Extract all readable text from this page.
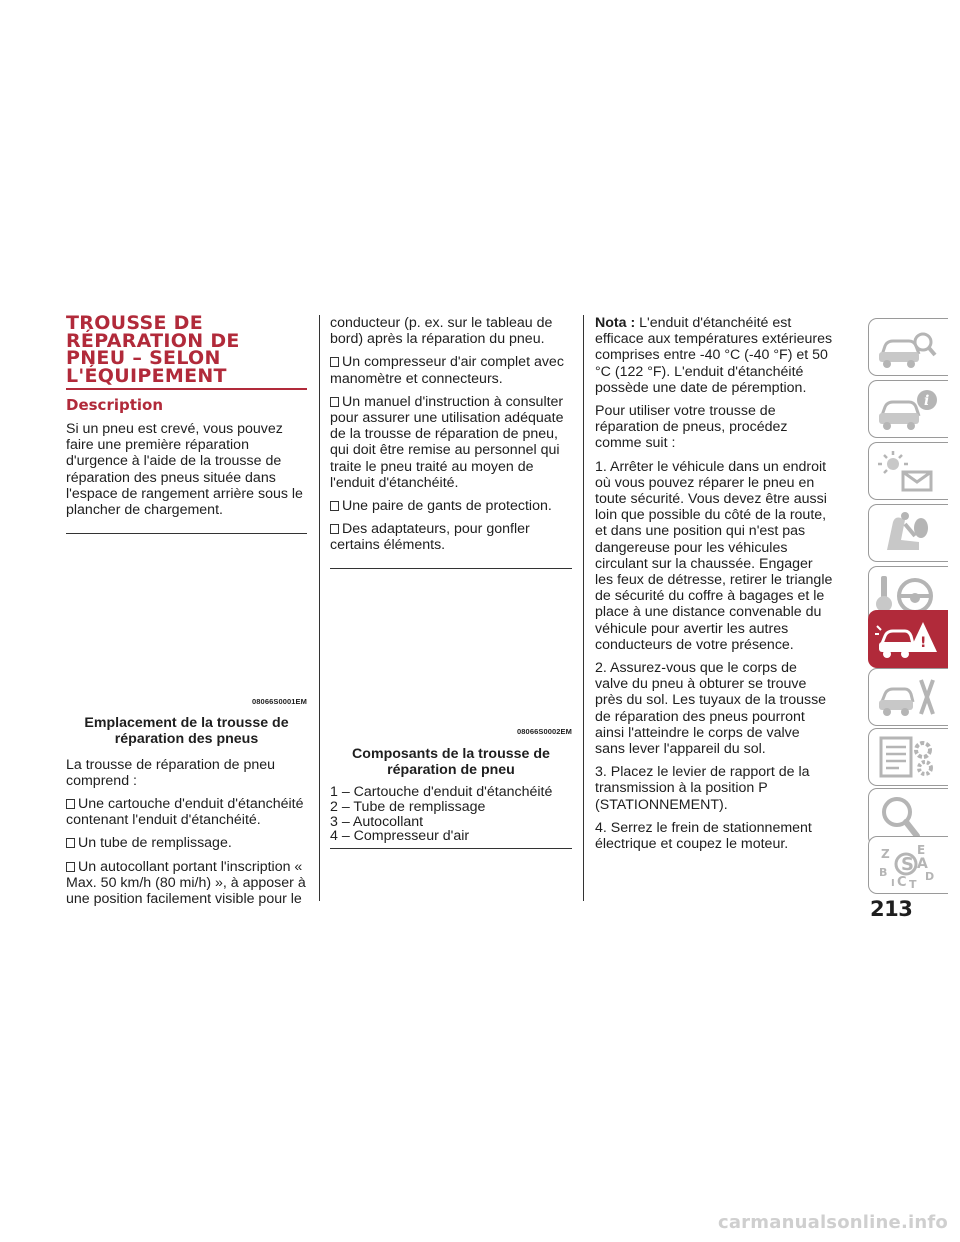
TROUSSE DE
RÉPARATION DE
PNEU – SELON
L'ÉQUIPEMENT
Description

Si un pneu est crevé, vous pouvez faire une première réparation d'urgence à l'aide de la trousse de réparation des pneus située dans l'espace de rangement arrière sous le plancher de chargement.

08066S0001EM
Emplacement de la trousse de réparation des pneus

La trousse de réparation de pneu comprend :

Une cartouche d'enduit d'étanchéité contenant l'enduit d'étanchéité.
Un tube de remplissage.
Un autocollant portant l'inscription « Max. 50 km/h (80 mi/h) », à apposer à une position facilement visible pour le
conducteur (p. ex. sur le tableau de bord) après la réparation du pneu.
Un compresseur d'air complet avec manomètre et connecteurs.
Un manuel d'instruction à consulter pour assurer une utilisation adéquate de la trousse de réparation de pneu, qui doit être remise au personnel qui traite le pneu traité au moyen de l'enduit d'étanchéité.
Une paire de gants de protection.
Des adaptateurs, pour gonfler certains éléments.
08066S0002EM
Composants de la trousse de réparation de pneu
1 – Cartouche d'enduit d'étanchéité
2 – Tube de remplissage
3 – Autocollant
4 – Compresseur d'air
Nota : L'enduit d'étanchéité est efficace aux températures extérieures comprises entre -40 °C (-40 °F) et 50 °C (122 °F). L'enduit d'étanchéité possède une date de péremption.

Pour utiliser votre trousse de réparation de pneus, procédez comme suit :

1. Arrêter le véhicule dans un endroit où vous pouvez réparer le pneu en toute sécurité. Vous devez être aussi loin que possible du côté de la route, et dans une position qui n'est pas dangereuse pour les véhicules circulant sur la chaussée. Engager les feux de détresse, retirer le triangle de sécurité du coffre à bagages et le place à une distance convenable du véhicule pour avertir les autres conducteurs de votre présence.

2. Assurez-vous que le corps de valve du pneu à obturer se trouve près du sol. Les tuyaux de la trousse de réparation des pneus pourront ainsi l'atteindre le corps de valve sans lever l'appareil du sol.

3. Placez le levier de rapport de la transmission à la position P (STATIONNEMENT).

4. Serrez le frein de stationnement électrique et coupez le moteur.

i
!
Z E
A
B	D
C T
I
S
213
carmanualsonline.info
